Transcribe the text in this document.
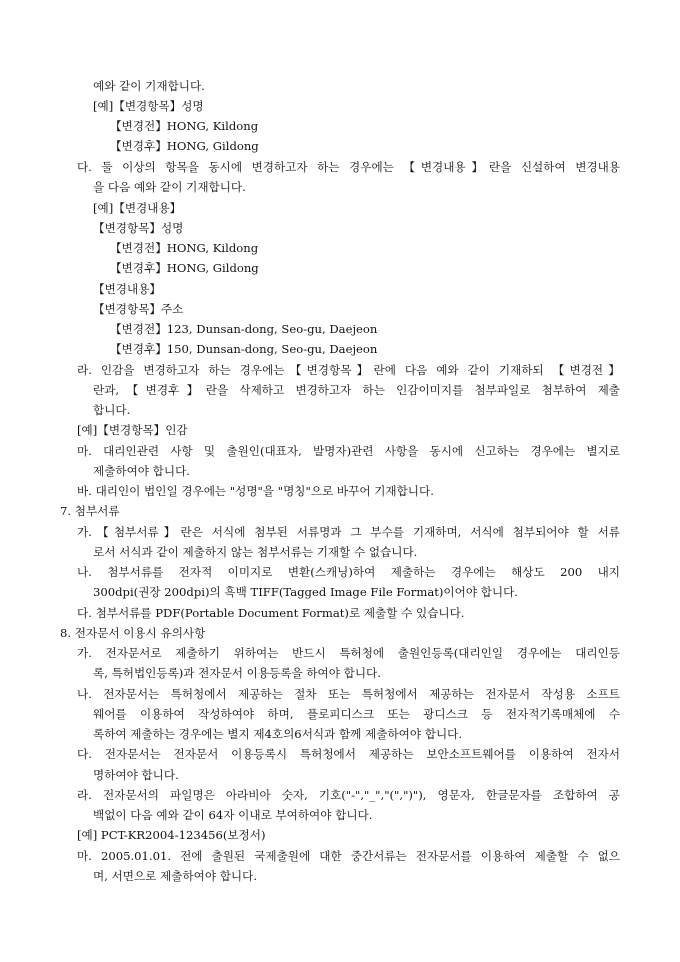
예와 같이 기재합니다.
[예]【변경항목】성명
【변경전】HONG, Kildong
【변경후】HONG, Gildong
다. 둘 이상의 항목을 동시에 변경하고자 하는 경우에는 【변경내용】란을 신설하여 변경내용
을 다음 예와 같이 기재합니다.
[예]【변경내용】
【변경항목】성명
【변경전】HONG, Kildong
【변경후】HONG, Gildong
【변경내용】
【변경항목】주소
【변경전】123, Dunsan-dong, Seo-gu, Daejeon
【변경후】150, Dunsan-dong, Seo-gu, Daejeon
라. 인감을 변경하고자 하는 경우에는【변경항목】란에 다음 예와 같이 기재하되 【변경전】
란과,【변경후】란을 삭제하고 변경하고자 하는 인감이미지를 첨부파일로 첨부하여 제출
합니다.
[예]【변경항목】인감
마. 대리인관련 사항 및 출원인(대표자, 발명자)관련 사항을 동시에 신고하는 경우에는 별지로
제출하여야 합니다.
바. 대리인이 법인일 경우에는 "성명"을 "명칭"으로 바꾸어 기재합니다.
7. 첨부서류
가.【첨부서류】란은 서식에 첨부된 서류명과 그 부수를 기재하며, 서식에 첨부되어야 할 서류
로서 서식과 같이 제출하지 않는 첨부서류는 기재할 수 없습니다.
나. 첨부서류를 전자적 이미지로 변환(스캐닝)하여 제출하는 경우에는 해상도 200 내지
300dpi(권장 200dpi)의 흑백 TIFF(Tagged Image File Format)이어야 합니다.
다. 첨부서류를 PDF(Portable Document Format)로 제출할 수 있습니다.
8. 전자문서 이용시 유의사항
가. 전자문서로 제출하기 위하여는 반드시 특허청에 출원인등록(대리인일 경우에는 대리인등
록, 특허법인등록)과 전자문서 이용등록을 하여야 합니다.
나. 전자문서는 특허청에서 제공하는 절차 또는 특허청에서 제공하는 전자문서 작성용 소프트
웨어를 이용하여 작성하여야 하며, 플로피디스크 또는 광디스크 등 전자적기록매체에 수
록하여 제출하는 경우에는 별지 제4호의6서식과 함께 제출하여야 합니다.
다. 전자문서는 전자문서 이용등록시 특허청에서 제공하는 보안소프트웨어를 이용하여 전자서
명하여야 합니다.
라. 전자문서의 파일명은 아라비아 숫자, 기호("-","_","(",")"), 영문자, 한글문자를 조합하여 공
백없이 다음 예와 같이 64자 이내로 부여하여야 합니다.
[예] PCT-KR2004-123456(보정서)
마. 2005.01.01. 전에 출원된 국제출원에 대한 중간서류는 전자문서를 이용하여 제출할 수 없으
며, 서면으로 제출하여야 합니다.
